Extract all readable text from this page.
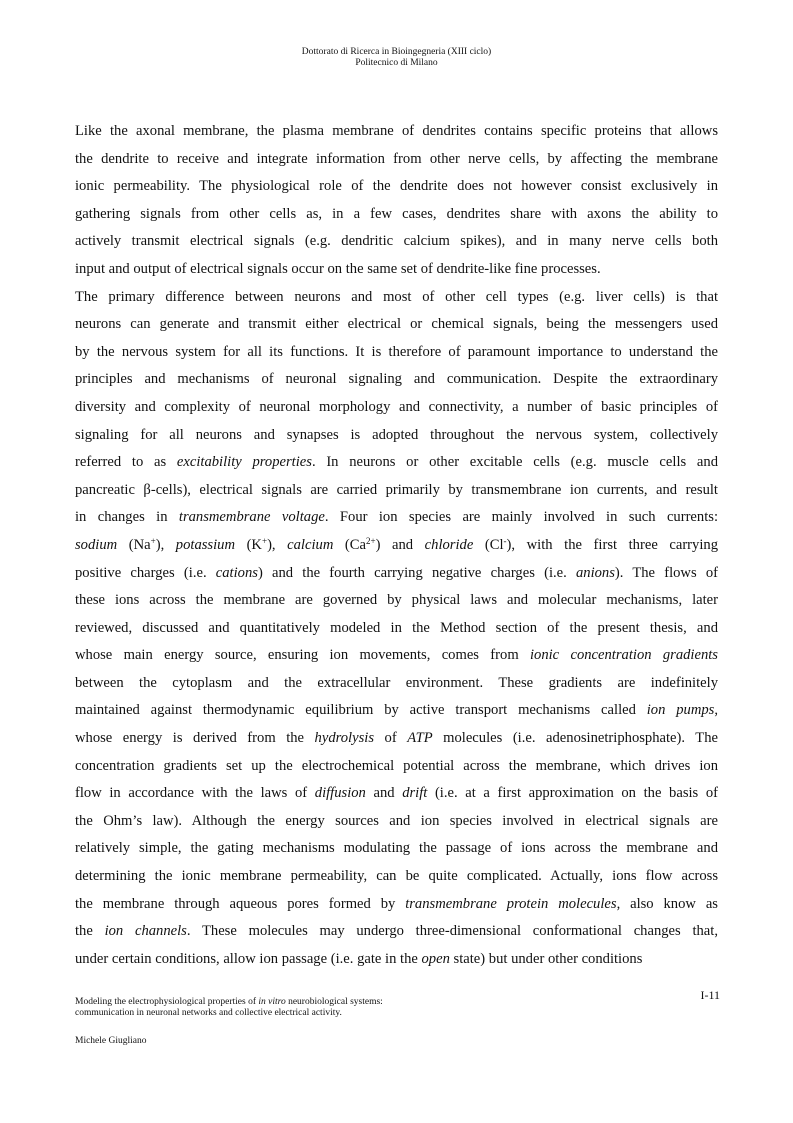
Dottorato di Ricerca in Bioingegneria (XIII ciclo)
Politecnico di Milano
Like the axonal membrane, the plasma membrane of dendrites contains specific proteins that allows
the dendrite to receive and integrate information from other nerve cells, by affecting the membrane
ionic permeability. The physiological role of the dendrite does not however consist exclusively in
gathering signals from other cells as, in a few cases, dendrites share with axons the ability to
actively transmit electrical signals (e.g. dendritic calcium spikes), and in many nerve cells both
input and output of electrical signals occur on the same set of dendrite-like fine processes.
The primary difference between neurons and most of other cell types (e.g. liver cells) is that
neurons can generate and transmit either electrical or chemical signals, being the messengers used
by the nervous system for all its functions. It is therefore of paramount importance to understand the
principles and mechanisms of neuronal signaling and communication. Despite the extraordinary
diversity and complexity of neuronal morphology and connectivity, a number of basic principles of
signaling for all neurons and synapses is adopted throughout the nervous system, collectively
referred to as excitability properties. In neurons or other excitable cells (e.g. muscle cells and
pancreatic β-cells), electrical signals are carried primarily by transmembrane ion currents, and result
in changes in transmembrane voltage. Four ion species are mainly involved in such currents:
sodium (Na+), potassium (K+), calcium $(Ca^{2+})$ and chloride (Cl-), with the first three carrying
positive charges (i.e. cations) and the fourth carrying negative charges (i.e. anions). The flows of
these ions across the membrane are governed by physical laws and molecular mechanisms, later
reviewed, discussed and quantitatively modeled in the Method section of the present thesis, and
whose main energy source, ensuring ion movements, comes from ionic concentration gradients
between the cytoplasm and the extracellular environment. These gradients are indefinitely
maintained against thermodynamic equilibrium by active transport mechanisms called ion pumps,
whose energy is derived from the hydrolysis of ATP molecules (i.e. adenosinetriphosphate). The
concentration gradients set up the electrochemical potential across the membrane, which drives ion
flow in accordance with the laws of diffusion and drift (i.e. at a first approximation on the basis of
the Ohm’s law). Although the energy sources and ion species involved in electrical signals are
relatively simple, the gating mechanisms modulating the passage of ions across the membrane and
determining the ionic membrane permeability, can be quite complicated. Actually, ions flow across
the membrane through aqueous pores formed by transmembrane protein molecules, also know as
the ion channels. These molecules may undergo three-dimensional conformational changes that,
under certain conditions, allow ion passage (i.e. gate in the open state) but under other conditions
I-11
Modeling the electrophysiological properties of in vitro neurobiological systems:
communication in neuronal networks and collective electrical activity.
Michele Giugliano
